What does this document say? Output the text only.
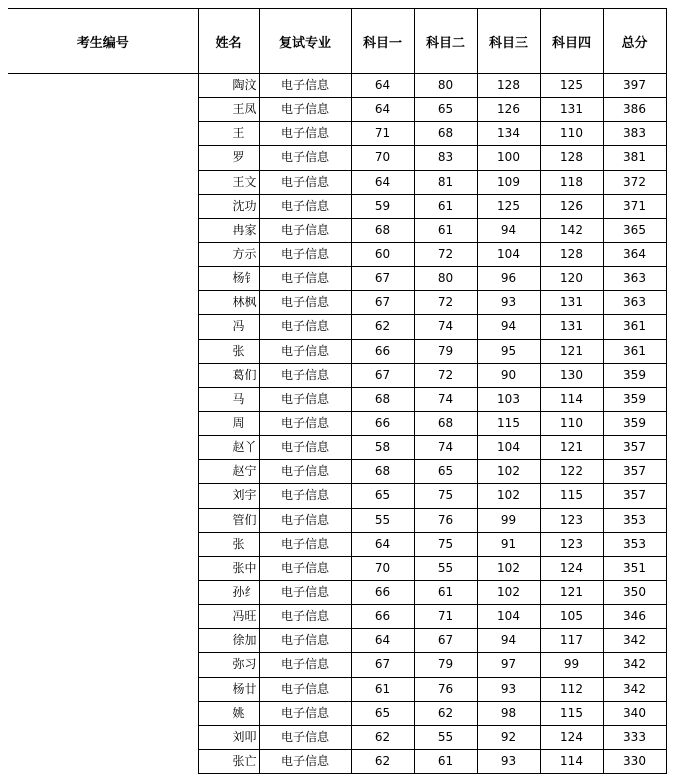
考生编号	姓名	复试专业	科目一	科目二	科目三	科目四	总分

	陶汶	电子信息	64	80	128	125	397

	王凤	电子信息	64	65	126	131	386

	王	电子信息	71	68	134	110	383

	罗	电子信息	70	83	100	128	381

	王文	电子信息	64	81	109	118	372

	沈功	电子信息	59	61	125	126	371

	冉家	电子信息	68	61	94	142	365

	方示	电子信息	60	72	104	128	364

	杨钅	电子信息	67	80	96	120	363

	林枫	电子信息	67	72	93	131	363

	冯	电子信息	62	74	94	131	361

	张	电子信息	66	79	95	121	361

	葛们	电子信息	67	72	90	130	359

	马	电子信息	68	74	103	114	359

	周	电子信息	66	68	115	110	359

	赵丫	电子信息	58	74	104	121	357

	赵宁	电子信息	68	65	102	122	357

	刘宇	电子信息	65	75	102	115	357

	管们	电子信息	55	76	99	123	353

	张	电子信息	64	75	91	123	353

	张中	电子信息	70	55	102	124	351

	孙纟	电子信息	66	61	102	121	350

	冯旺	电子信息	66	71	104	105	346

	徐加	电子信息	64	67	94	117	342

	弥习	电子信息	67	79	97	99	342

	杨廿	电子信息	61	76	93	112	342

	姚	电子信息	65	62	98	115	340

	刘叩	电子信息	62	55	92	124	333

	张亡	电子信息	62	61	93	114	330
